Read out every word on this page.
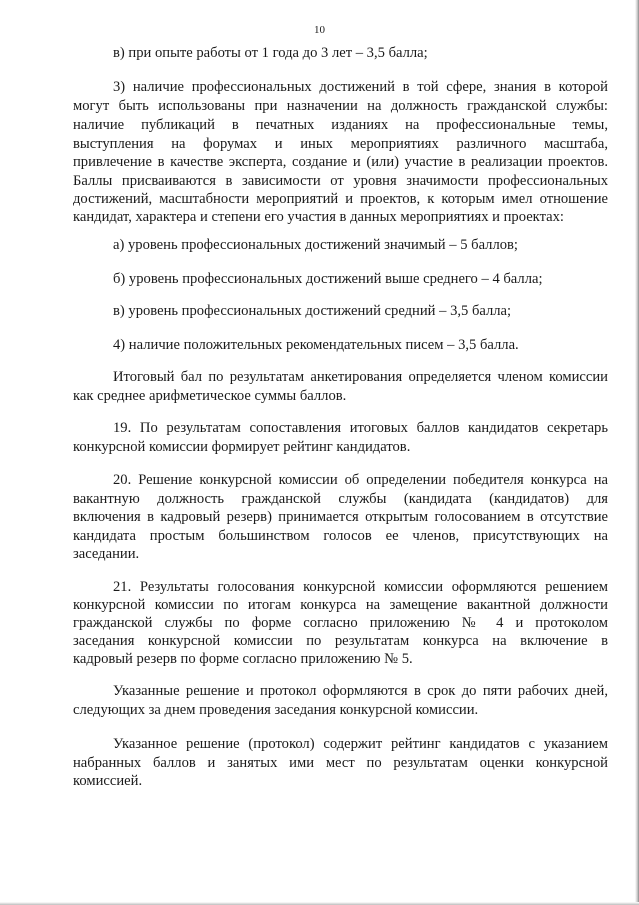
10
в) при опыте работы от 1 года до 3 лет – 3,5 балла;
3) наличие профессиональных достижений в той сфере, знания в которой
могут быть использованы при назначении на должность гражданской службы:
наличие публикаций в печатных изданиях на профессиональные темы,
выступления на форумах и иных мероприятиях различного масштаба,
привлечение в качестве эксперта, создание и (или) участие в реализации проектов.
Баллы присваиваются в зависимости от уровня значимости профессиональных
достижений, масштабности мероприятий и проектов, к которым имел отношение
кандидат, характера и степени его участия в данных мероприятиях и проектах:
а) уровень профессиональных достижений значимый – 5 баллов;
б) уровень профессиональных достижений выше среднего – 4 балла;
в) уровень профессиональных достижений средний – 3,5 балла;
4) наличие положительных рекомендательных писем – 3,5 балла.
Итоговый бал по результатам анкетирования определяется членом комиссии
как среднее арифметическое суммы баллов.
19. По результатам сопоставления итоговых баллов кандидатов секретарь
конкурсной комиссии формирует рейтинг кандидатов.
20. Решение конкурсной комиссии об определении победителя конкурса на
вакантную должность гражданской службы (кандидата (кандидатов) для
включения в кадровый резерв) принимается открытым голосованием в отсутствие
кандидата простым большинством голосов ее членов, присутствующих на
заседании.
21. Результаты голосования конкурсной комиссии оформляются решением
конкурсной комиссии по итогам конкурса на замещение вакантной должности
гражданской службы по форме согласно приложению № 4 и протоколом
заседания конкурсной комиссии по результатам конкурса на включение в
кадровый резерв по форме согласно приложению № 5.
Указанные решение и протокол оформляются в срок до пяти рабочих дней,
следующих за днем проведения заседания конкурсной комиссии.
Указанное решение (протокол) содержит рейтинг кандидатов с указанием
набранных баллов и занятых ими мест по результатам оценки конкурсной
комиссией.
